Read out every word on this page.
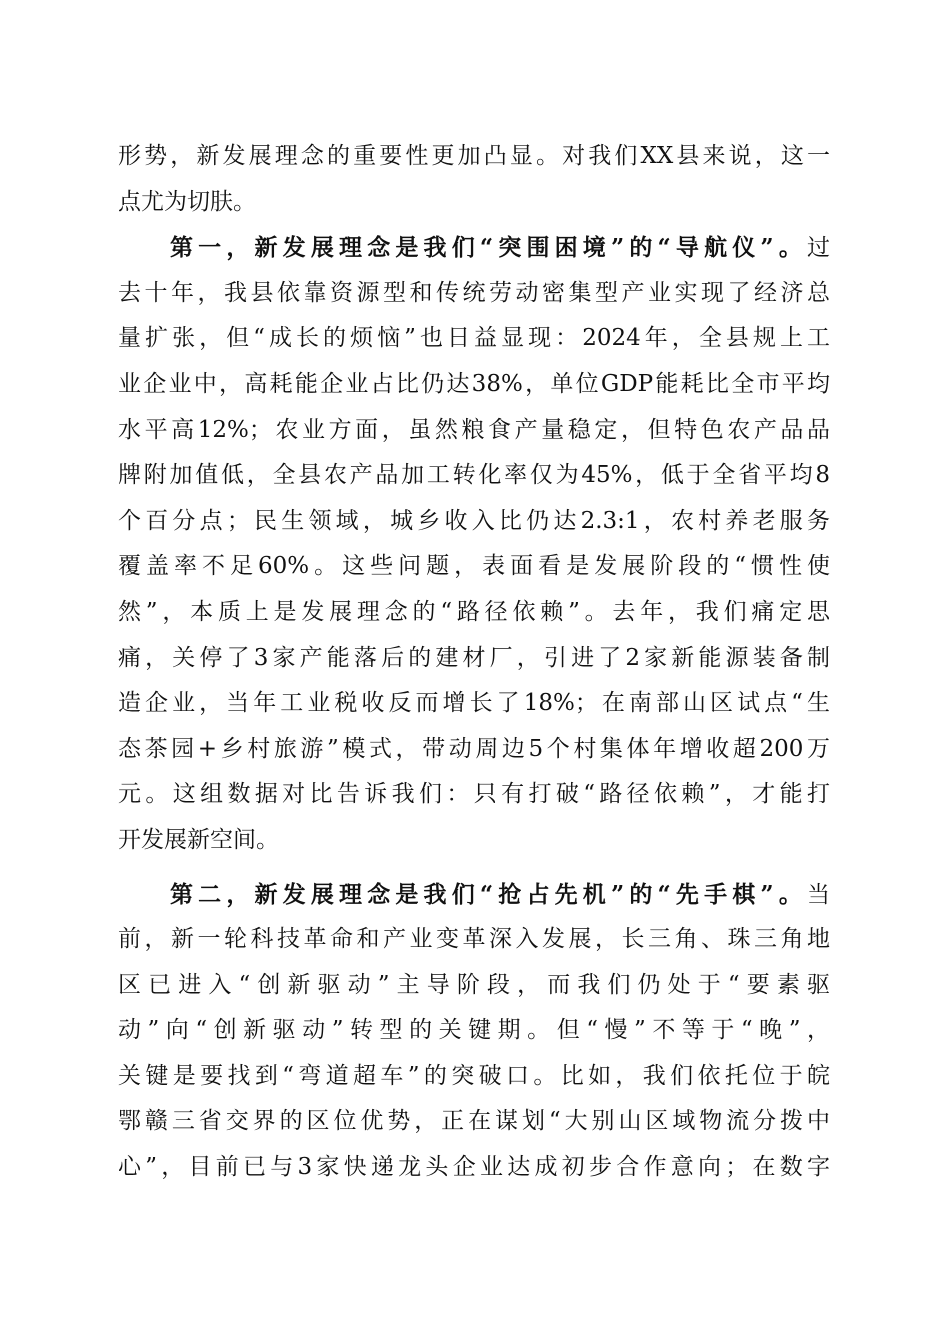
形势，新发展理念的重要性更加凸显。对我们XX县来说，这一
点尤为切肤。
第一，新发展理念是我们“突围困境”的“导航仪”。过
去十年，我县依靠资源型和传统劳动密集型产业实现了经济总
量扩张，但“成长的烦恼”也日益显现：2024年，全县规上工
业企业中，高耗能企业占比仍达38%，单位GDP能耗比全市平均
水平高12%；农业方面，虽然粮食产量稳定，但特色农产品品
牌附加值低，全县农产品加工转化率仅为45%，低于全省平均8
个百分点；民生领域，城乡收入比仍达2.3:1，农村养老服务
覆盖率不足60%。这些问题，表面看是发展阶段的“惯性使
然”，本质上是发展理念的“路径依赖”。去年，我们痛定思
痛，关停了3家产能落后的建材厂，引进了2家新能源装备制
造企业，当年工业税收反而增长了18%；在南部山区试点“生
态茶园+乡村旅游”模式，带动周边5个村集体年增收超200万
元。这组数据对比告诉我们：只有打破“路径依赖”，才能打
开发展新空间。
第二，新发展理念是我们“抢占先机”的“先手棋”。当
前，新一轮科技革命和产业变革深入发展，长三角、珠三角地
区已进入“创新驱动”主导阶段，而我们仍处于“要素驱
动”向“创新驱动”转型的关键期。但“慢”不等于“晚”，
关键是要找到“弯道超车”的突破口。比如，我们依托位于皖
鄂赣三省交界的区位优势，正在谋划“大别山区域物流分拨中
心”，目前已与3家快递龙头企业达成初步合作意向；在数字
